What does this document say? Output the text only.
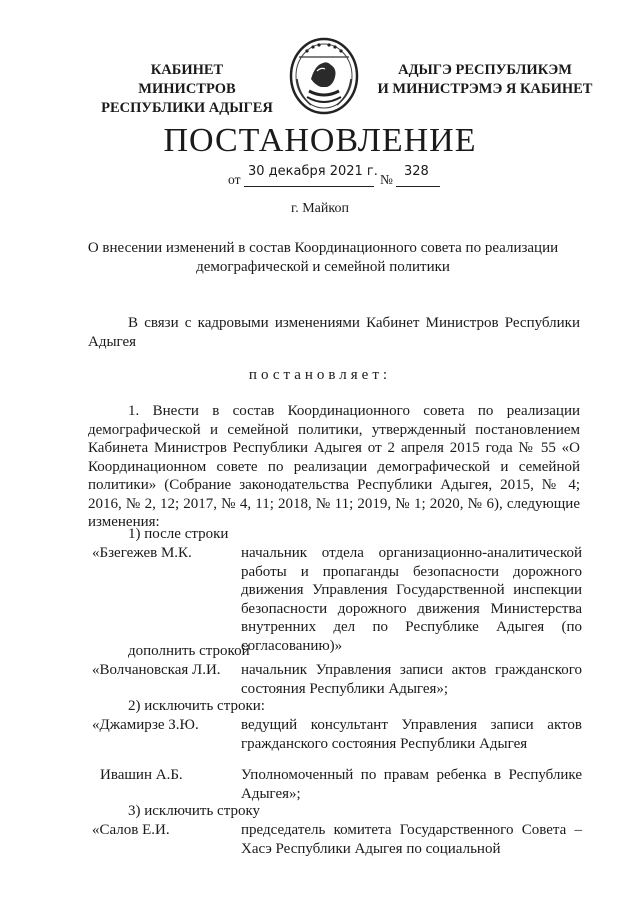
КАБИНЕТ МИНИСТРОВ
РЕСПУБЛИКИ АДЫГЕЯ
АДЫГЭ РЕСПУБЛИКЭМ
И МИНИСТРЭМЭ Я КАБИНЕТ
ПОСТАНОВЛЕНИЕ
от
30 декабря 2021 г.
№
328
г. Майкоп
О внесении изменений в состав Координационного совета по реализации демографической и семейной политики
В связи с кадровыми изменениями Кабинет Министров Республики Адыгея
постановляет:
1. Внести в состав Координационного совета по реализации демографической и семейной политики, утвержденный постановлением Кабинета Министров Республики Адыгея от 2 апреля 2015 года № 55 «О Координационном совете по реализации демографической и семейной политики» (Собрание законодательства Республики Адыгея, 2015, № 4; 2016, № 2, 12; 2017, № 4, 11; 2018, № 11; 2019, № 1; 2020, № 6), следующие изменения:
1) после строки
«Бзегежев М.К.	начальник отдела организационно-аналитической работы и пропаганды безопасности дорожного движения Управления Государственной инспекции безопасности дорожного движения Министерства внутренних дел по Республике Адыгея (по согласованию)»
дополнить строкой
«Волчановская Л.И. начальник Управления записи актов гражданского состояния Республики Адыгея»;
2) исключить строки:
«Джамирзе З.Ю.	ведущий консультант Управления записи актов гражданского состояния Республики Адыгея
Ивашин А.Б.	Уполномоченный по правам ребенка в Республике Адыгея»;
3) исключить строку
«Салов Е.И.	председатель комитета Государственного Совета – Хасэ Республики Адыгея по социальной
